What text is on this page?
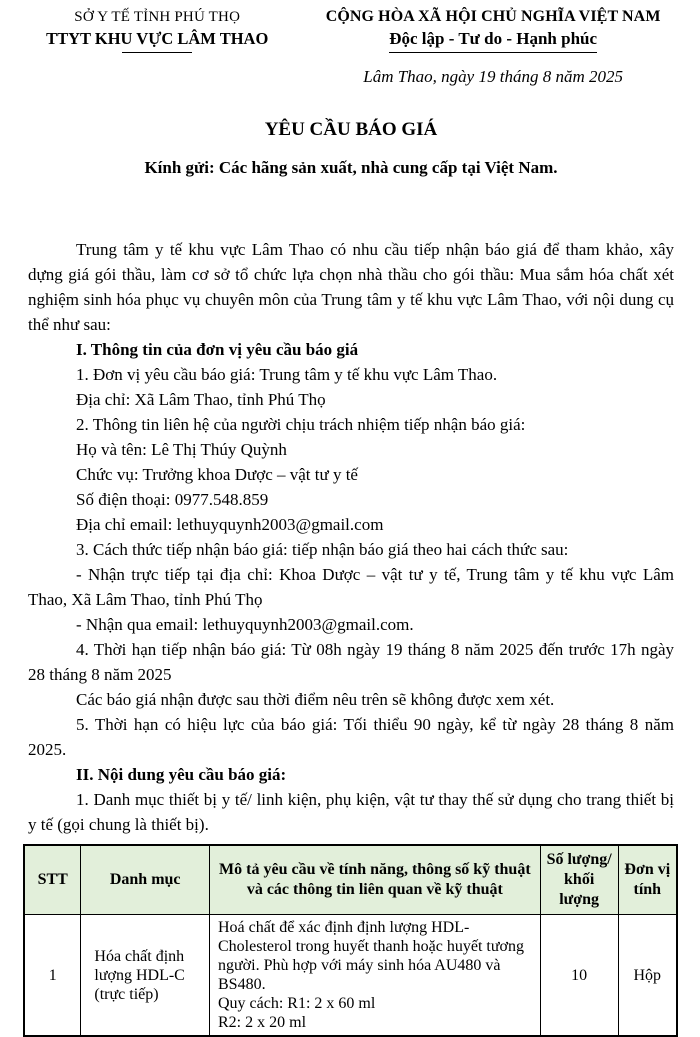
SỞ Y TẾ TỈNH PHÚ THỌ
TTYT KHU VỰC LÂM THAO
CỘNG HÒA XÃ HỘI CHỦ NGHĨA VIỆT NAM
Độc lập - Tư do - Hạnh phúc
Lâm Thao, ngày 19 tháng 8 năm 2025
YÊU CẦU BÁO GIÁ
Kính gửi: Các hãng sản xuất, nhà cung cấp tại Việt Nam.

Trung tâm y tế khu vực Lâm Thao có nhu cầu tiếp nhận báo giá để tham khảo, xây dựng giá gói thầu, làm cơ sở tổ chức lựa chọn nhà thầu cho gói thầu: Mua sắm hóa chất xét nghiệm sinh hóa phục vụ chuyên môn của Trung tâm y tế khu vực Lâm Thao, với nội dung cụ thể như sau:

I. Thông tin của đơn vị yêu cầu báo giá

1. Đơn vị yêu cầu báo giá: Trung tâm y tế khu vực Lâm Thao.

Địa chỉ: Xã Lâm Thao, tỉnh Phú Thọ

2. Thông tin liên hệ của người chịu trách nhiệm tiếp nhận báo giá:

Họ và tên: Lê Thị Thúy Quỳnh

Chức vụ: Trưởng khoa Dược – vật tư y tế

Số điện thoại: 0977.548.859

Địa chỉ email: lethuyquynh2003@gmail.com

3. Cách thức tiếp nhận báo giá: tiếp nhận báo giá theo hai cách thức sau:

- Nhận trực tiếp tại địa chỉ: Khoa Dược – vật tư y tế, Trung tâm y tế khu vực Lâm Thao, Xã Lâm Thao, tỉnh Phú Thọ

- Nhận qua email: lethuyquynh2003@gmail.com.

4. Thời hạn tiếp nhận báo giá: Từ 08h ngày 19 tháng 8 năm 2025 đến trước 17h ngày 28 tháng 8 năm 2025

Các báo giá nhận được sau thời điểm nêu trên sẽ không được xem xét.

5. Thời hạn có hiệu lực của báo giá: Tối thiểu 90 ngày, kể từ ngày 28 tháng 8 năm 2025.

II. Nội dung yêu cầu báo giá:

1. Danh mục thiết bị y tế/ linh kiện, phụ kiện, vật tư thay thế sử dụng cho trang thiết bị y tế (gọi chung là thiết bị).

STT	Danh mục	Mô tả yêu cầu về tính năng, thông số kỹ thuật và các thông tin liên quan về kỹ thuật	Số lượng/ khối lượng	Đơn vị tính
1	Hóa chất định lượng HDL-C (trực tiếp)	Hoá chất để xác định định lượng HDL-Cholesterol trong huyết thanh hoặc huyết tương người. Phù hợp với máy sinh hóa AU480 và BS480.
Quy cách: R1: 2 x 60 ml
R2: 2 x 20 ml	10	Hộp
